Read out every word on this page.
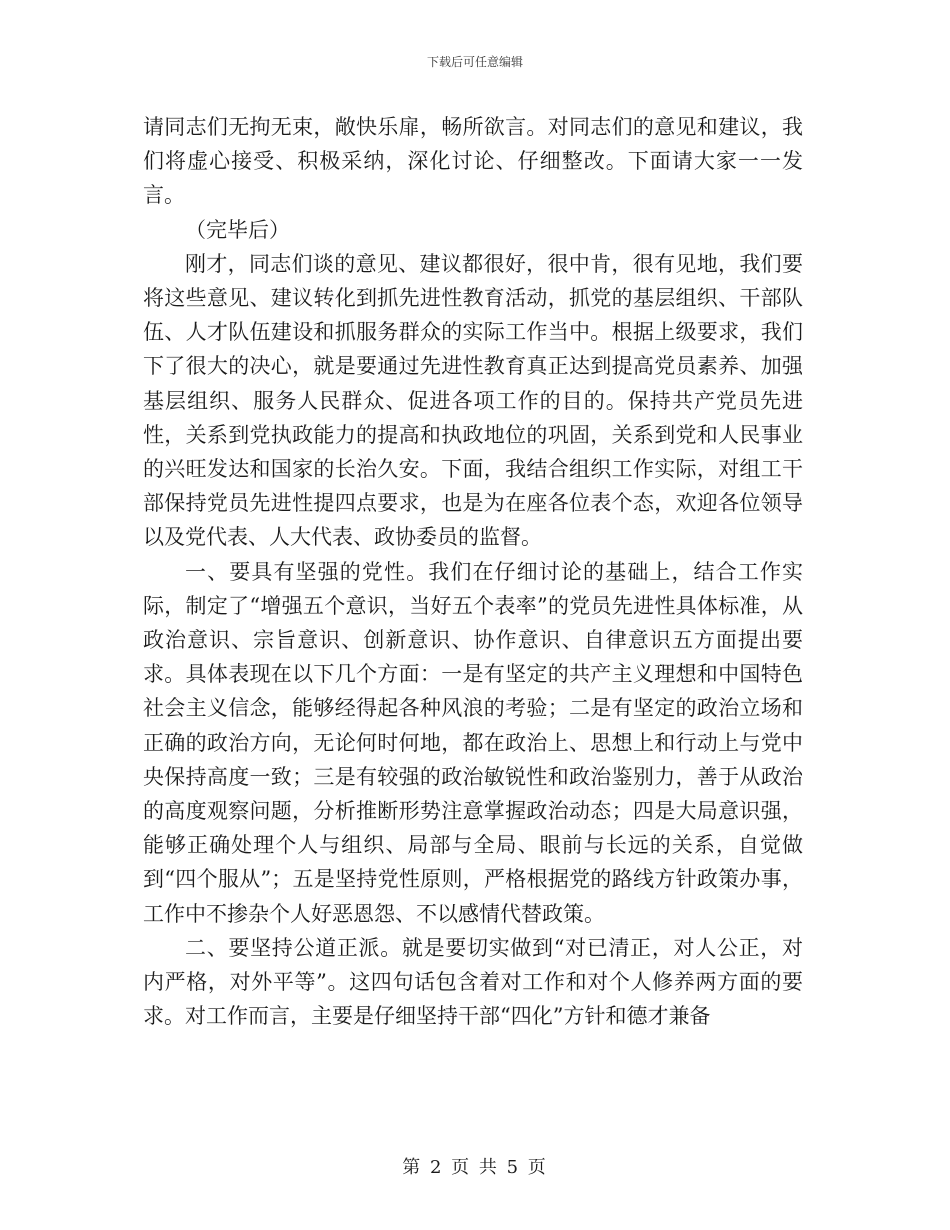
下载后可任意编辑

请同志们无拘无束，敞快乐扉，畅所欲言。对同志们的意见和建议，我们将虚心接受、积极采纳，深化讨论、仔细整改。下面请大家一一发言。

（完毕后）

刚才，同志们谈的意见、建议都很好，很中肯，很有见地，我们要将这些意见、建议转化到抓先进性教育活动，抓党的基层组织、干部队伍、人才队伍建设和抓服务群众的实际工作当中。根据上级要求，我们下了很大的决心，就是要通过先进性教育真正达到提高党员素养、加强基层组织、服务人民群众、促进各项工作的目的。保持共产党员先进性，关系到党执政能力的提高和执政地位的巩固，关系到党和人民事业的兴旺发达和国家的长治久安。下面，我结合组织工作实际，对组工干部保持党员先进性提四点要求，也是为在座各位表个态，欢迎各位领导以及党代表、人大代表、政协委员的监督。

一、要具有坚强的党性。我们在仔细讨论的基础上，结合工作实际，制定了“增强五个意识，当好五个表率”的党员先进性具体标准，从政治意识、宗旨意识、创新意识、协作意识、自律意识五方面提出要求。具体表现在以下几个方面：一是有坚定的共产主义理想和中国特色社会主义信念，能够经得起各种风浪的考验；二是有坚定的政治立场和正确的政治方向，无论何时何地，都在政治上、思想上和行动上与党中央保持高度一致；三是有较强的政治敏锐性和政治鉴别力，善于从政治的高度观察问题，分析推断形势注意掌握政治动态；四是大局意识强，能够正确处理个人与组织、局部与全局、眼前与长远的关系，自觉做到“四个服从”；五是坚持党性原则，严格根据党的路线方针政策办事，工作中不掺杂个人好恶恩怨、不以感情代替政策。

二、要坚持公道正派。就是要切实做到“对已清正，对人公正，对内严格，对外平等”。这四句话包含着对工作和对个人修养两方面的要求。对工作而言，主要是仔细坚持干部“四化”方针和德才兼备

第 2 页 共 5 页
